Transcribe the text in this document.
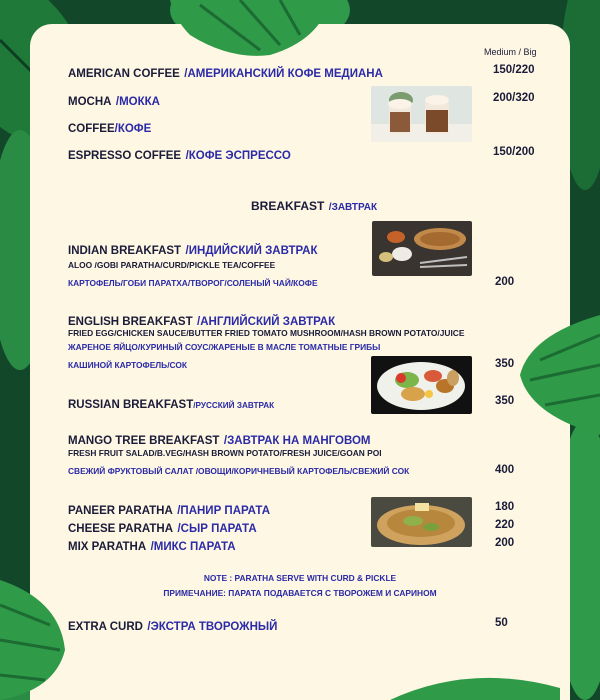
Medium / Big
AMERICAN COFFEE /АМЕРИКАНСКИЙ КОФЕ МЕДИАНА	150/220
MOCHA /МОККА	200/320
COFFEE/КОФЕ
ESPRESSO COFFEE /КОФЕ ЭСПРЕССО	150/200
BREAKFAST /ЗАВТРАК
INDIAN BREAKFAST /ИНДИЙСКИЙ ЗАВТРАК
ALOO /GOBI PARATHA/CURD/PICKLE TEA/COFFEE
КАРТОФЕЛЬ/ГОБИ ПАРАТХА/ТВОРОГ/СОЛЕНЫЙ ЧАЙ/КОФЕ	200
ENGLISH BREAKFAST /АНГЛИЙСКИЙ ЗАВТРАК
FRIED EGG/CHICKEN SAUCE/BUTTER FRIED TOMATO MUSHROOM/HASH BROWN POTATO/JUICE
ЖАРЕНОЕ ЯЙЦО/КУРИНЫЙ СОУС/ЖАРЕНЫЕ В МАСЛЕ ТОМАТНЫЕ ГРИБЫ
КАШИНОЙ КАРТОФЕЛЬ/СОК	350
RUSSIAN BREAKFAST/РУССКИЙ ЗАВТРАК	350
MANGO TREE BREAKFAST /ЗАВТРАК НА МАНГОВОМ
FRESH FRUIT SALAD/B.VEG/HASH BROWN POTATO/FRESH JUICE/GOAN POI
СВЕЖИЙ ФРУКТОВЫЙ САЛАТ /ОВОЩИ/КОРИЧНЕВЫЙ КАРТОФЕЛЬ/СВЕЖИЙ СОК	400
PANEER PARATHA /ПАНИР ПАРАТА	180
CHEESE PARATHA /СЫР ПАРАТА	220
MIX PARATHA /МИКС ПАРАТА	200
NOTE : PARATHA SERVE WITH CURD & PICKLE
ПРИМЕЧАНИЕ: ПАРАТА ПОДАВАЕТСЯ С ТВОРОЖЕМ И САРИНОМ
EXTRA CURD /ЭКСТРА ТВОРОЖНЫЙ	50
